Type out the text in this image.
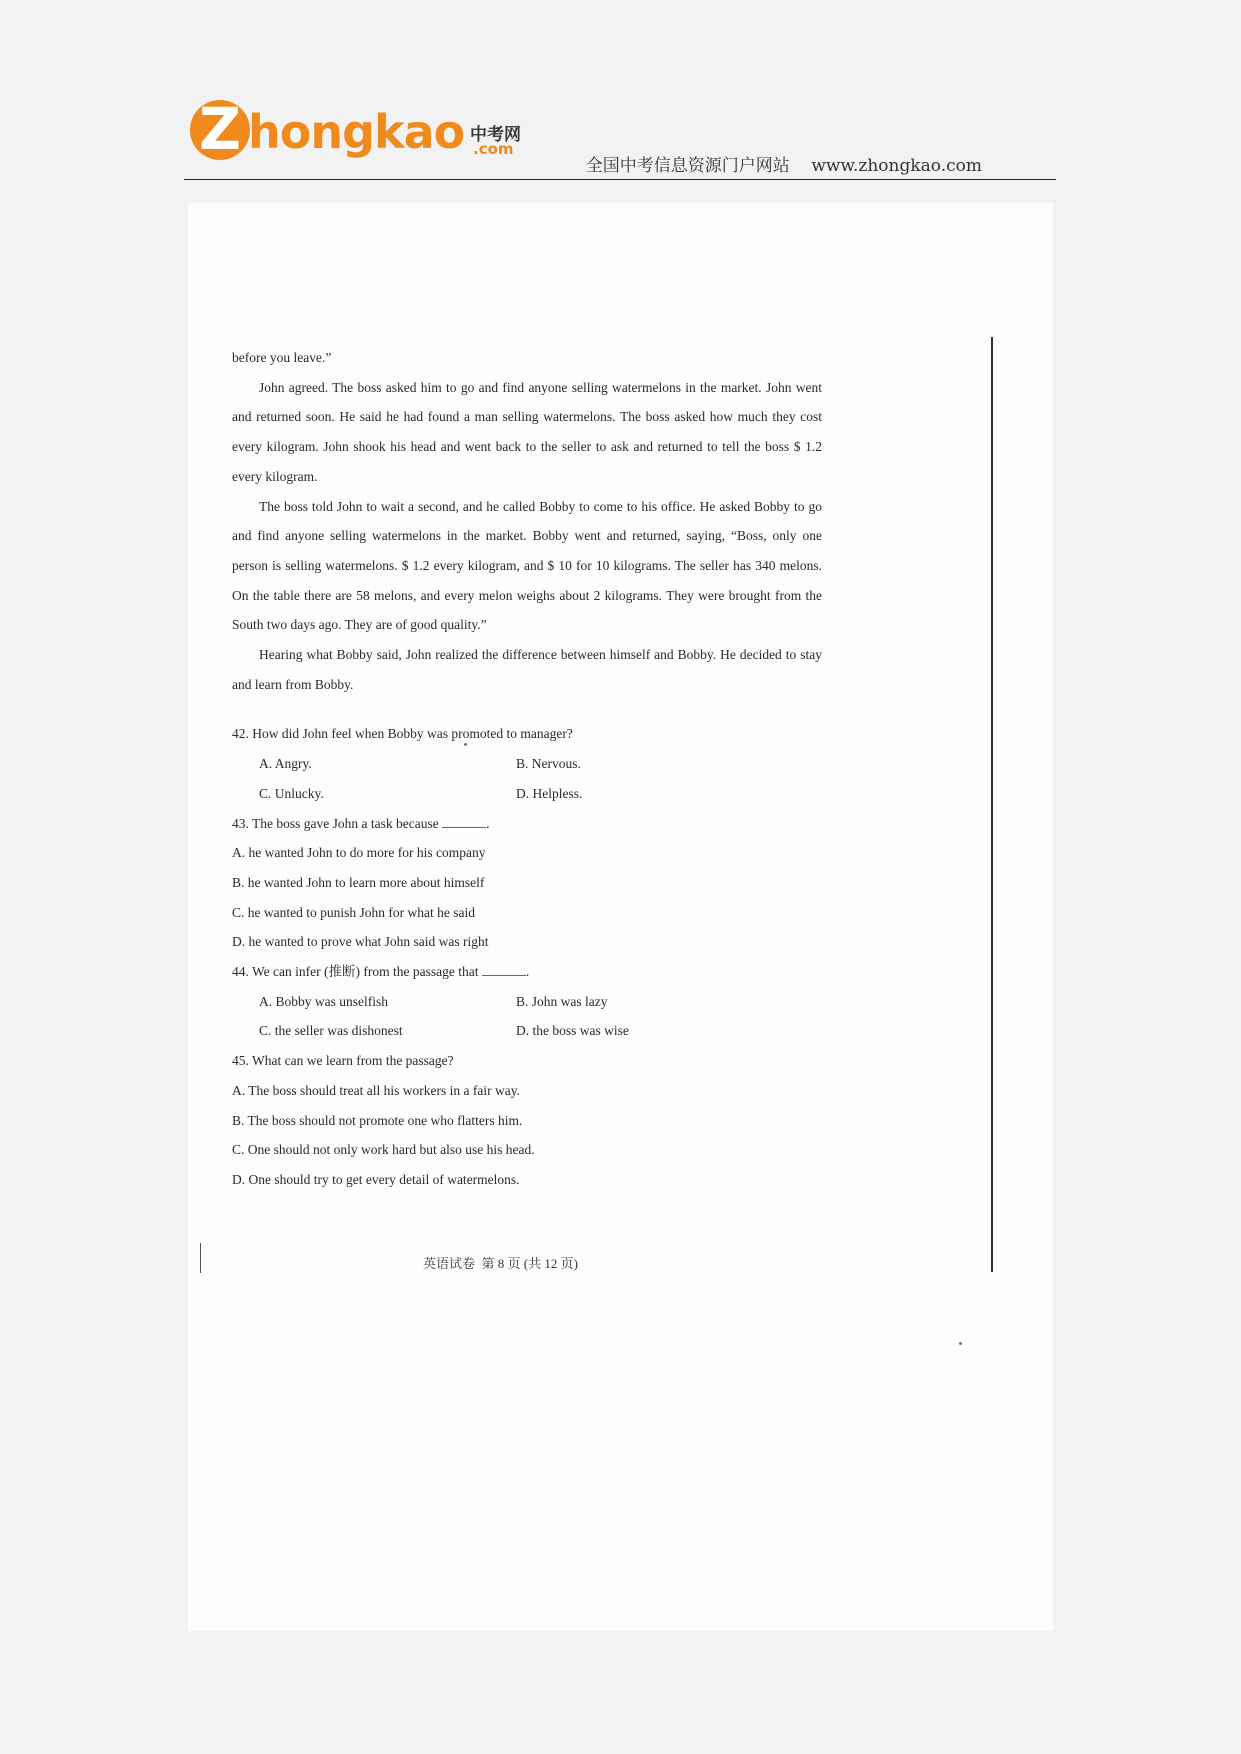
Z hongkao 中考网
.com
全国中考信息资源门户网站    www.zhongkao.com

before you leave.”

John agreed. The boss asked him to go and find anyone selling watermelons in the market. John went and returned soon. He said he had found a man selling watermelons. The boss asked how much they cost every kilogram. John shook his head and went back to the seller to ask and returned to tell the boss $ 1.2 every kilogram.

The boss told John to wait a second, and he called Bobby to come to his office. He asked Bobby to go and find anyone selling watermelons in the market. Bobby went and returned, saying, “Boss, only one person is selling watermelons. $ 1.2 every kilogram, and $ 10 for 10 kilograms. The seller has 340 melons. On the table there are 58 melons, and every melon weighs about 2 kilograms. They were brought from the South two days ago. They are of good quality.”

Hearing what Bobby said, John realized the difference between himself and Bobby. He decided to stay and learn from Bobby.

42. How did John feel when Bobby was promoted to manager?

A. Angry.	B. Nervous.
C. Unlucky.	D. Helpless.

43. The boss gave John a task because	.

A. he wanted John to do more for his company

B. he wanted John to learn more about himself

C. he wanted to punish John for what he said

D. he wanted to prove what John said was right

44. We can infer (推断) from the passage that	.

A. Bobby was unselfish	B. John was lazy
C. the seller was dishonest	D. the boss was wise

45. What can we learn from the passage?

A. The boss should treat all his workers in a fair way.

B. The boss should not promote one who flatters him.

C. One should not only work hard but also use his head.

D. One should try to get every detail of watermelons.

英语试卷  第 8 页 (共 12 页)
